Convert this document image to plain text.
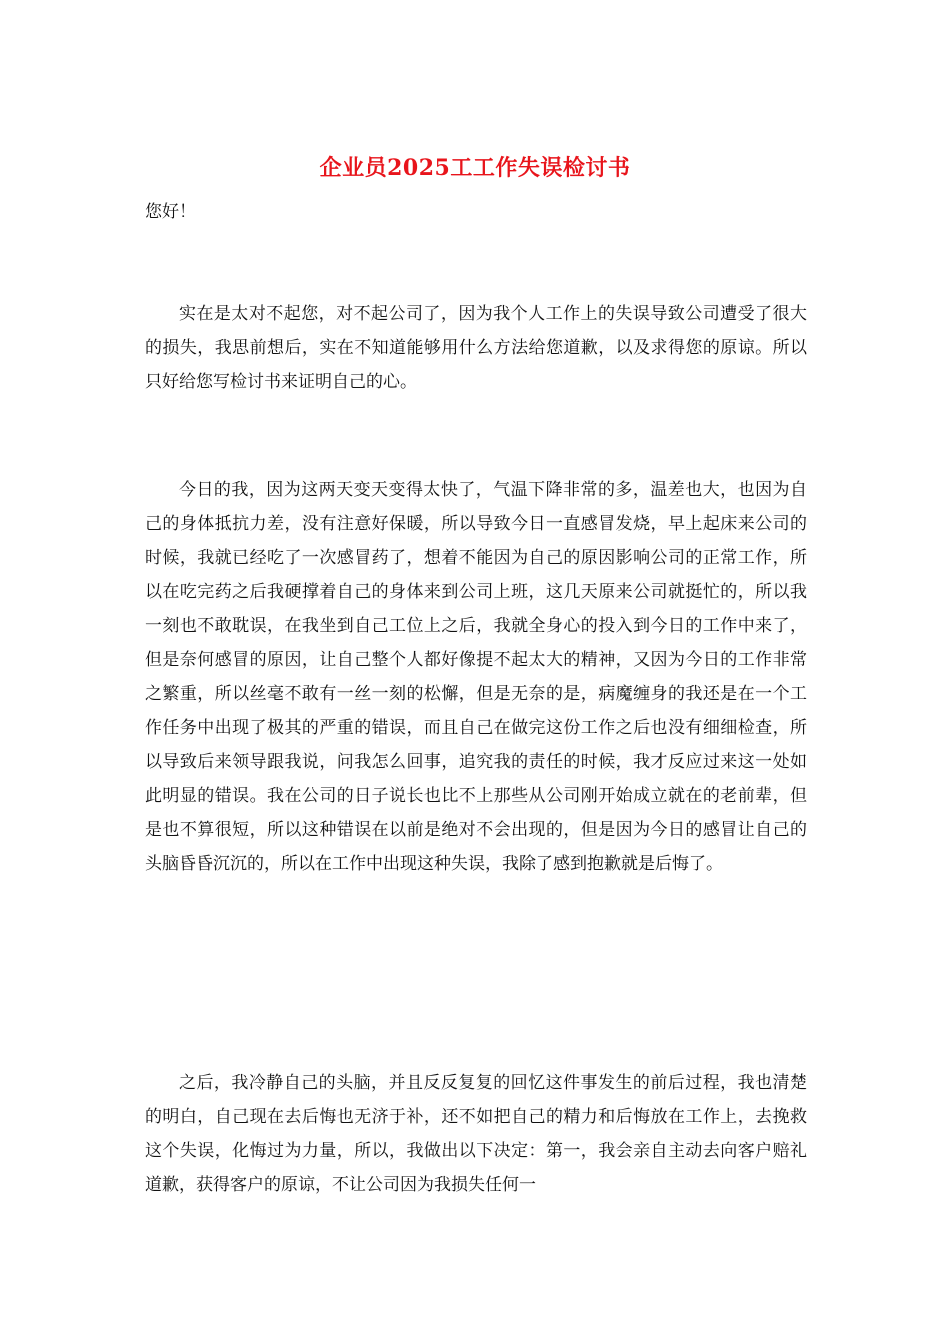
企业员2025工工作失误检讨书
您好！

实在是太对不起您，对不起公司了，因为我个人工作上的失误导致公司遭受了很大的损失，我思前想后，实在不知道能够用什么方法给您道歉，以及求得您的原谅。所以只好给您写检讨书来证明自己的心。

今日的我，因为这两天变天变得太快了，气温下降非常的多，温差也大，也因为自己的身体抵抗力差，没有注意好保暖，所以导致今日一直感冒发烧，早上起床来公司的时候，我就已经吃了一次感冒药了，想着不能因为自己的原因影响公司的正常工作，所以在吃完药之后我硬撑着自己的身体来到公司上班，这几天原来公司就挺忙的，所以我一刻也不敢耽误，在我坐到自己工位上之后，我就全身心的投入到今日的工作中来了，但是奈何感冒的原因，让自己整个人都好像提不起太大的精神，又因为今日的工作非常之繁重，所以丝毫不敢有一丝一刻的松懈，但是无奈的是，病魔缠身的我还是在一个工作任务中出现了极其的严重的错误，而且自己在做完这份工作之后也没有细细检查，所以导致后来领导跟我说，问我怎么回事，追究我的责任的时候，我才反应过来这一处如此明显的错误。我在公司的日子说长也比不上那些从公司刚开始成立就在的老前辈，但是也不算很短，所以这种错误在以前是绝对不会出现的，但是因为今日的感冒让自己的头脑昏昏沉沉的，所以在工作中出现这种失误，我除了感到抱歉就是后悔了。

之后，我冷静自己的头脑，并且反反复复的回忆这件事发生的前后过程，我也清楚的明白，自己现在去后悔也无济于补，还不如把自己的精力和后悔放在工作上，去挽救这个失误，化悔过为力量，所以，我做出以下决定：第一，我会亲自主动去向客户赔礼道歉，获得客户的原谅，不让公司因为我损失任何一
